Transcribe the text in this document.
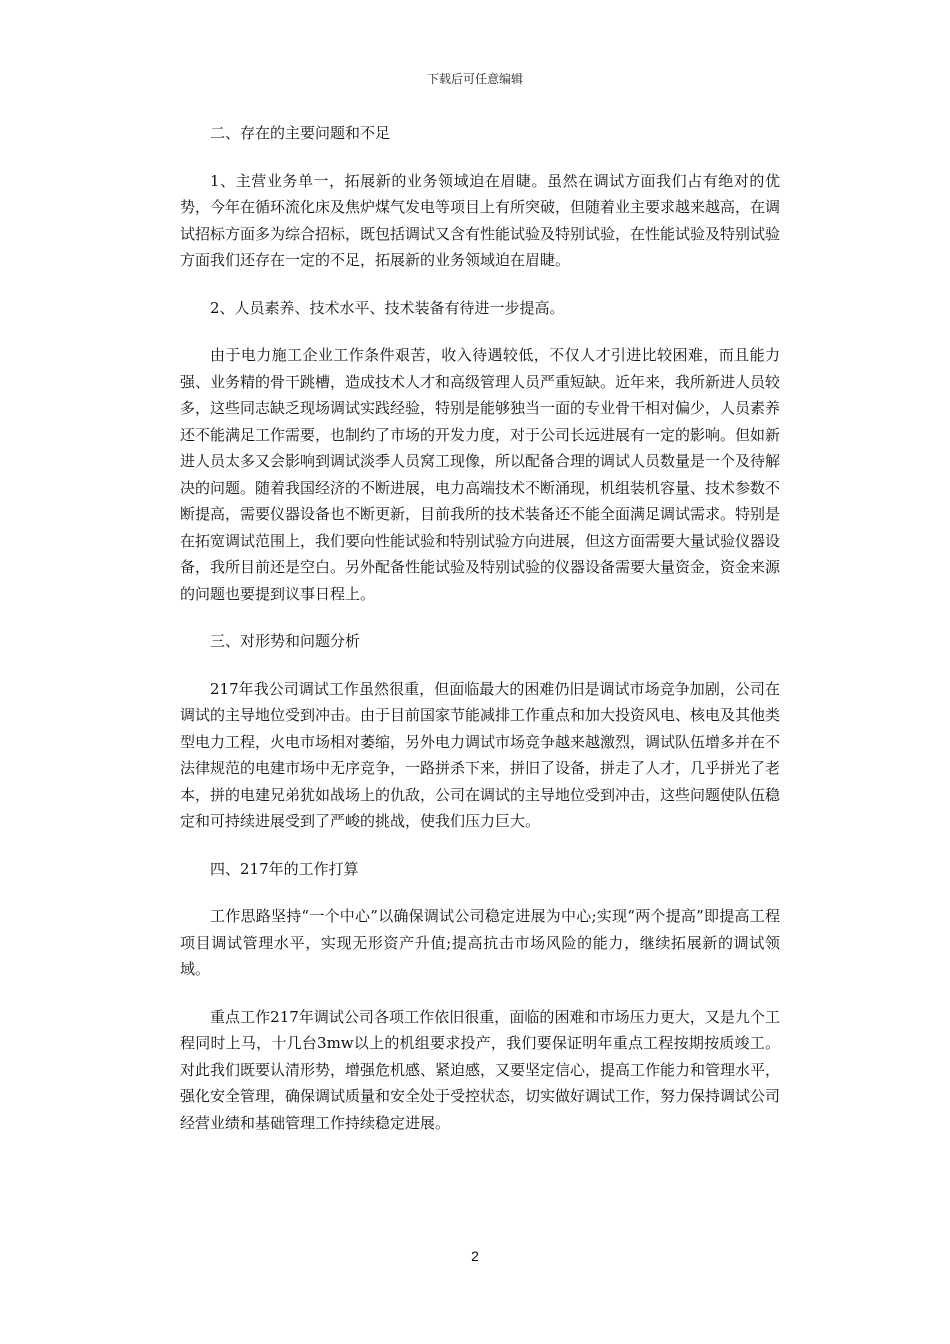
下载后可任意编辑

二、存在的主要问题和不足

1、主营业务单一，拓展新的业务领域迫在眉睫。虽然在调试方面我们占有绝对的优势，今年在循环流化床及焦炉煤气发电等项目上有所突破，但随着业主要求越来越高，在调试招标方面多为综合招标，既包括调试又含有性能试验及特别试验，在性能试验及特别试验方面我们还存在一定的不足，拓展新的业务领域迫在眉睫。

2、人员素养、技术水平、技术装备有待进一步提高。

由于电力施工企业工作条件艰苦，收入待遇较低，不仅人才引进比较困难，而且能力强、业务精的骨干跳槽，造成技术人才和高级管理人员严重短缺。近年来，我所新进人员较多，这些同志缺乏现场调试实践经验，特别是能够独当一面的专业骨干相对偏少，人员素养还不能满足工作需要，也制约了市场的开发力度，对于公司长远进展有一定的影响。但如新进人员太多又会影响到调试淡季人员窝工现像，所以配备合理的调试人员数量是一个及待解决的问题。随着我国经济的不断进展，电力高端技术不断涌现，机组装机容量、技术参数不断提高，需要仪器设备也不断更新，目前我所的技术装备还不能全面满足调试需求。特别是在拓宽调试范围上，我们要向性能试验和特别试验方向进展，但这方面需要大量试验仪器设备，我所目前还是空白。另外配备性能试验及特别试验的仪器设备需要大量资金，资金来源的问题也要提到议事日程上。

三、对形势和问题分析

217年我公司调试工作虽然很重，但面临最大的困难仍旧是调试市场竞争加剧，公司在调试的主导地位受到冲击。由于目前国家节能减排工作重点和加大投资风电、核电及其他类型电力工程，火电市场相对萎缩，另外电力调试市场竞争越来越激烈，调试队伍增多并在不法律规范的电建市场中无序竞争，一路拼杀下来，拼旧了设备，拼走了人才，几乎拼光了老本，拼的电建兄弟犹如战场上的仇敌，公司在调试的主导地位受到冲击，这些问题使队伍稳定和可持续进展受到了严峻的挑战，使我们压力巨大。

四、217年的工作打算

工作思路坚持“一个中心”以确保调试公司稳定进展为中心;实现“两个提高”即提高工程项目调试管理水平，实现无形资产升值;提高抗击市场风险的能力，继续拓展新的调试领域。

重点工作217年调试公司各项工作依旧很重，面临的困难和市场压力更大，又是九个工程同时上马，十几台3mw以上的机组要求投产，我们要保证明年重点工程按期按质竣工。对此我们既要认清形势，增强危机感、紧迫感，又要坚定信心，提高工作能力和管理水平，强化安全管理，确保调试质量和安全处于受控状态，切实做好调试工作，努力保持调试公司经营业绩和基础管理工作持续稳定进展。

2
